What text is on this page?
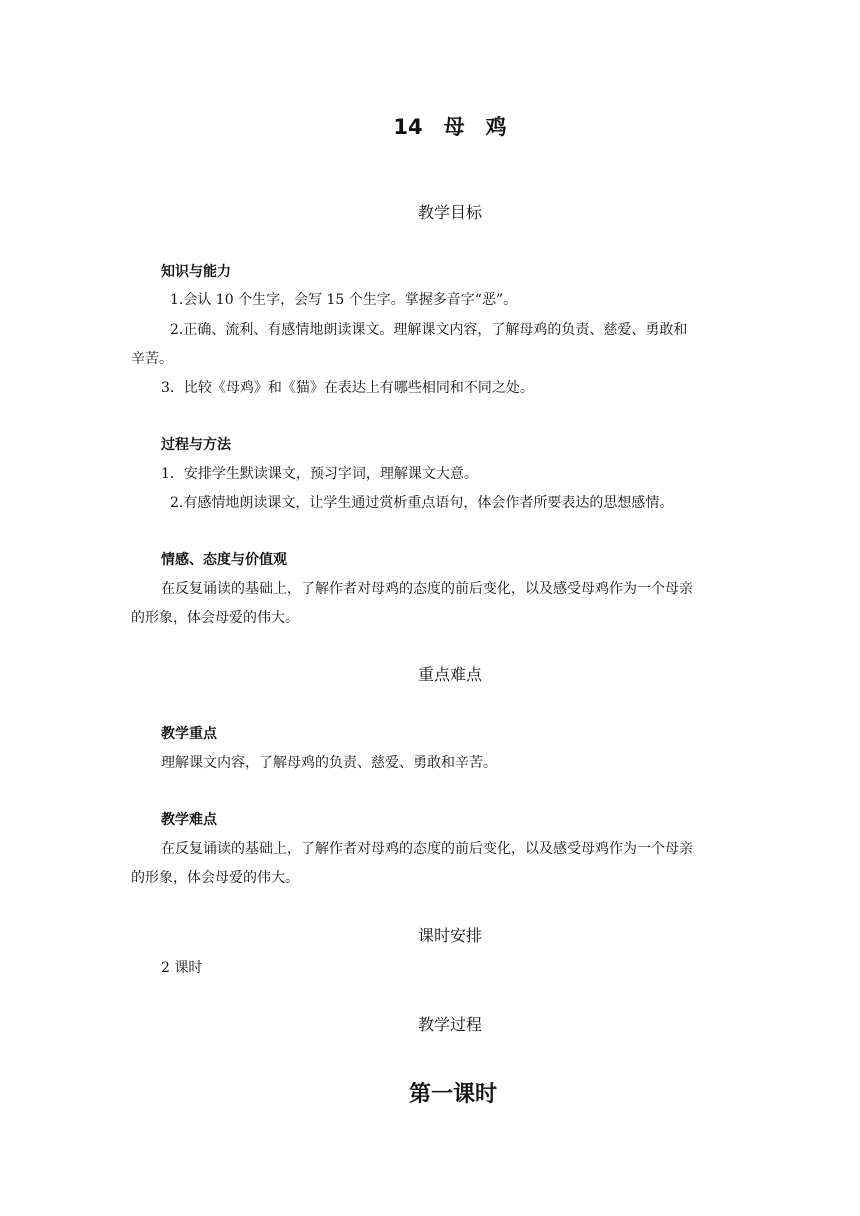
14　母　鸡
教学目标
知识与能力
1.会认 10 个生字，会写 15 个生字。掌握多音字“恶”。
2.正确、流利、有感情地朗读课文。理解课文内容，了解母鸡的负责、慈爱、勇敢和
辛苦。
3．比较《母鸡》和《猫》在表达上有哪些相同和不同之处。
过程与方法
1．安排学生默读课文，预习字词，理解课文大意。
2.有感情地朗读课文，让学生通过赏析重点语句，体会作者所要表达的思想感情。
情感、态度与价值观
在反复诵读的基础上，了解作者对母鸡的态度的前后变化，以及感受母鸡作为一个母亲
的形象，体会母爱的伟大。
重点难点
教学重点
理解课文内容，了解母鸡的负责、慈爱、勇敢和辛苦。
教学难点
在反复诵读的基础上，了解作者对母鸡的态度的前后变化，以及感受母鸡作为一个母亲
的形象，体会母爱的伟大。
课时安排
2 课时
教学过程
第一课时
